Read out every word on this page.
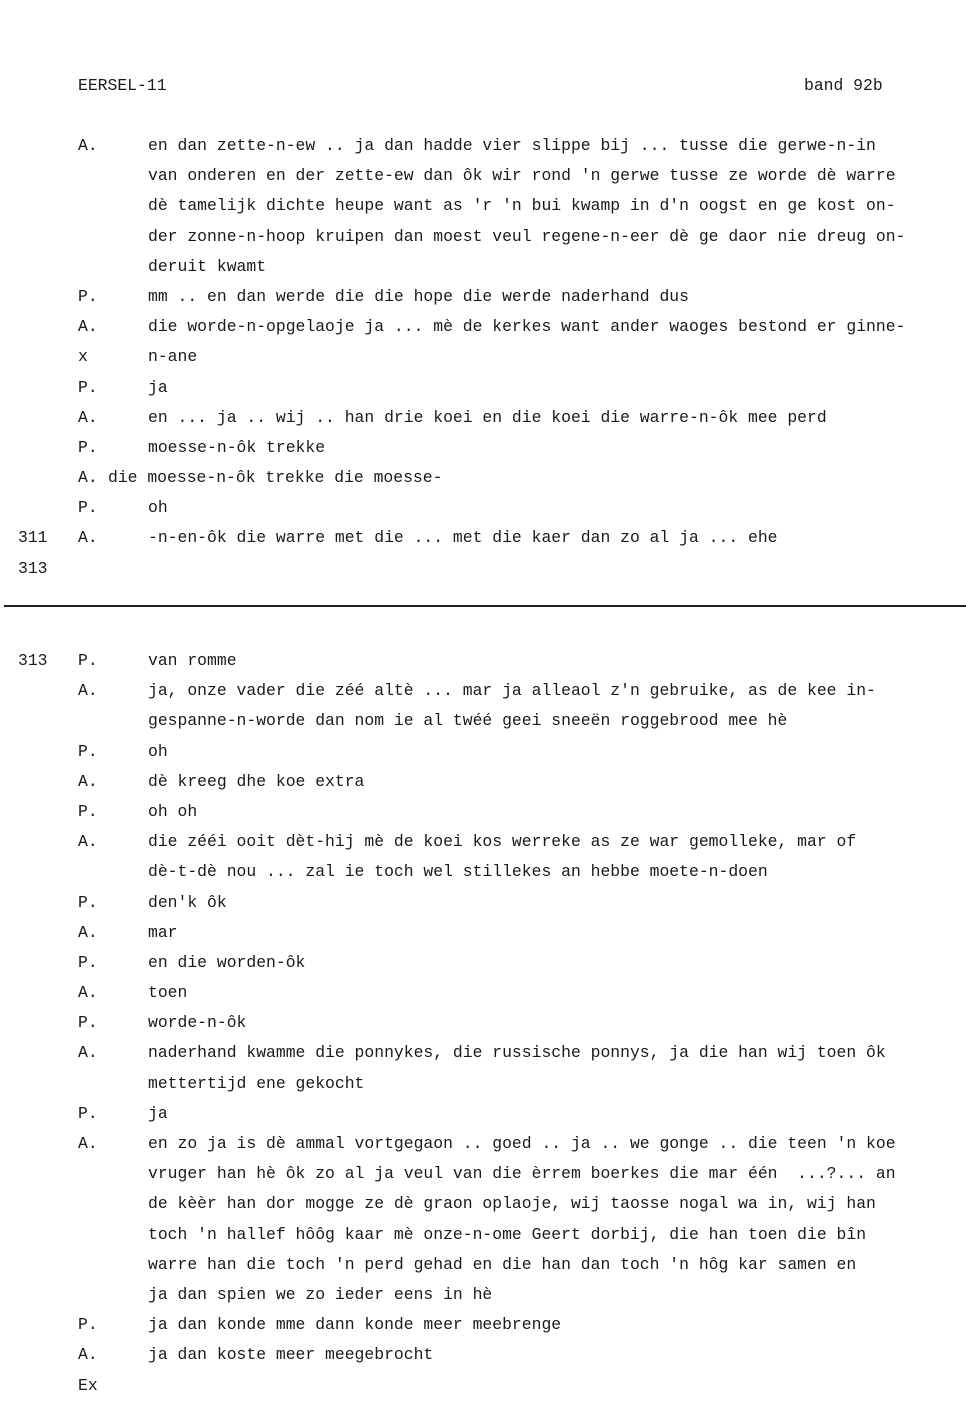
EERSEL-11	band 92b
A.	en dan zette-n-ew .. ja dan hadde vier slippe bij ... tusse die gerwe-n-in
van onderen en der zette-ew dan ôk wir rond 'n gerwe tusse ze worde dè warre
dè tamelijk dichte heupe want as 'r 'n bui kwamp in d'n oogst en ge kost on-
der zonne-n-hoop kruipen dan moest veul regene-n-eer dè ge daor nie dreug on-
deruit kwamt
P.	mm .. en dan werde die die hope die werde naderhand dus
A.	die worde-n-opgelaoje ja ... mè de kerkes want ander waoges bestond er ginne-
x	n-ane
P.	ja
A.	en ... ja .. wij .. han drie koei en die koei die warre-n-ôk mee perd
P.	moesse-n-ôk trekke
A. die moesse-n-ôk trekke die moesse-
P.	oh
311 A.	-n-en-ôk die warre met die ... met die kaer dan zo al ja ... ehe
313
313 P.	van romme
A.	ja, onze vader die zéé altè ... mar ja alleaol z'n gebruike, as de kee in-
gespanne-n-worde dan nom ie al twéé geei sneeën roggebrood mee hè
P.	oh
A.	dè kreeg dhe koe extra
P.	oh oh
A.	die zééi ooit dèt-hij mè de koei kos werreke as ze war gemolleke, mar of
dè-t-dè nou ... zal ie toch wel stillekes an hebbe moete-n-doen
P.	den'k ôk
A.	mar
P.	en die worden-ôk
A.	toen
P.	worde-n-ôk
A.	naderhand kwamme die ponnykes, die russische ponnys, ja die han wij toen ôk
mettertijd ene gekocht
P.	ja
A.	en zo ja is dè ammal vortgegaon .. goed .. ja .. we gonge .. die teen 'n koe
vruger han hè ôk zo al ja veul van die èrrem boerkes die mar één  ...?... an
de kèèr han dor mogge ze dè graon oplaoje, wij taosse nogal wa in, wij han
toch 'n hallef hôôg kaar mè onze-n-ome Geert dorbij, die han toen die bîn
warre han die toch 'n perd gehad en die han dan toch 'n hôg kar samen en
ja dan spien we zo ieder eens in hè
P.	ja dan konde mme dann konde meer meebrenge
A.	ja dan koste meer meegebrocht
Ex
